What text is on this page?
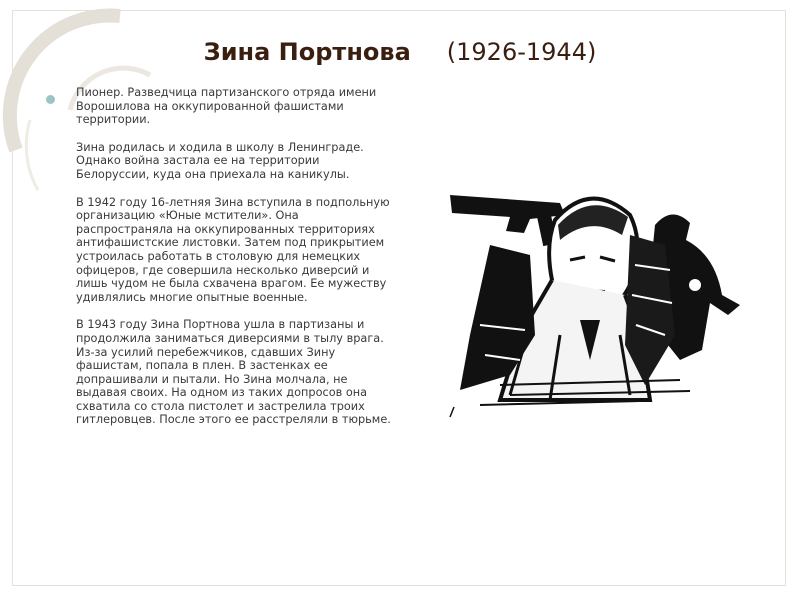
Зина Портнова (1926-1944)

Пионер. Разведчица партизанского отряда имени Ворошилова на оккупированной фашистами территории.

Зина родилась и ходила в школу в Ленинграде. Однако война застала ее на территории Белоруссии, куда она приехала на каникулы.

В 1942 году 16-летняя Зина вступила в подпольную организацию «Юные мстители». Она распространяла на оккупированных территориях антифашистские листовки. Затем под прикрытием устроилась работать в столовую для немецких офицеров, где совершила несколько диверсий и лишь чудом не была схвачена врагом. Ее мужеству удивлялись многие опытные военные.

В 1943 году Зина Портнова ушла в партизаны и продолжила заниматься диверсиями в тылу врага. Из-за усилий перебежчиков, сдавших Зину фашистам, попала в плен. В застенках ее допрашивали и пытали. Но Зина молчала, не выдавая своих. На одном из таких допросов она схватила со стола пистолет и застрелила троих гитлеровцев. После этого ее расстреляли в тюрьме.
